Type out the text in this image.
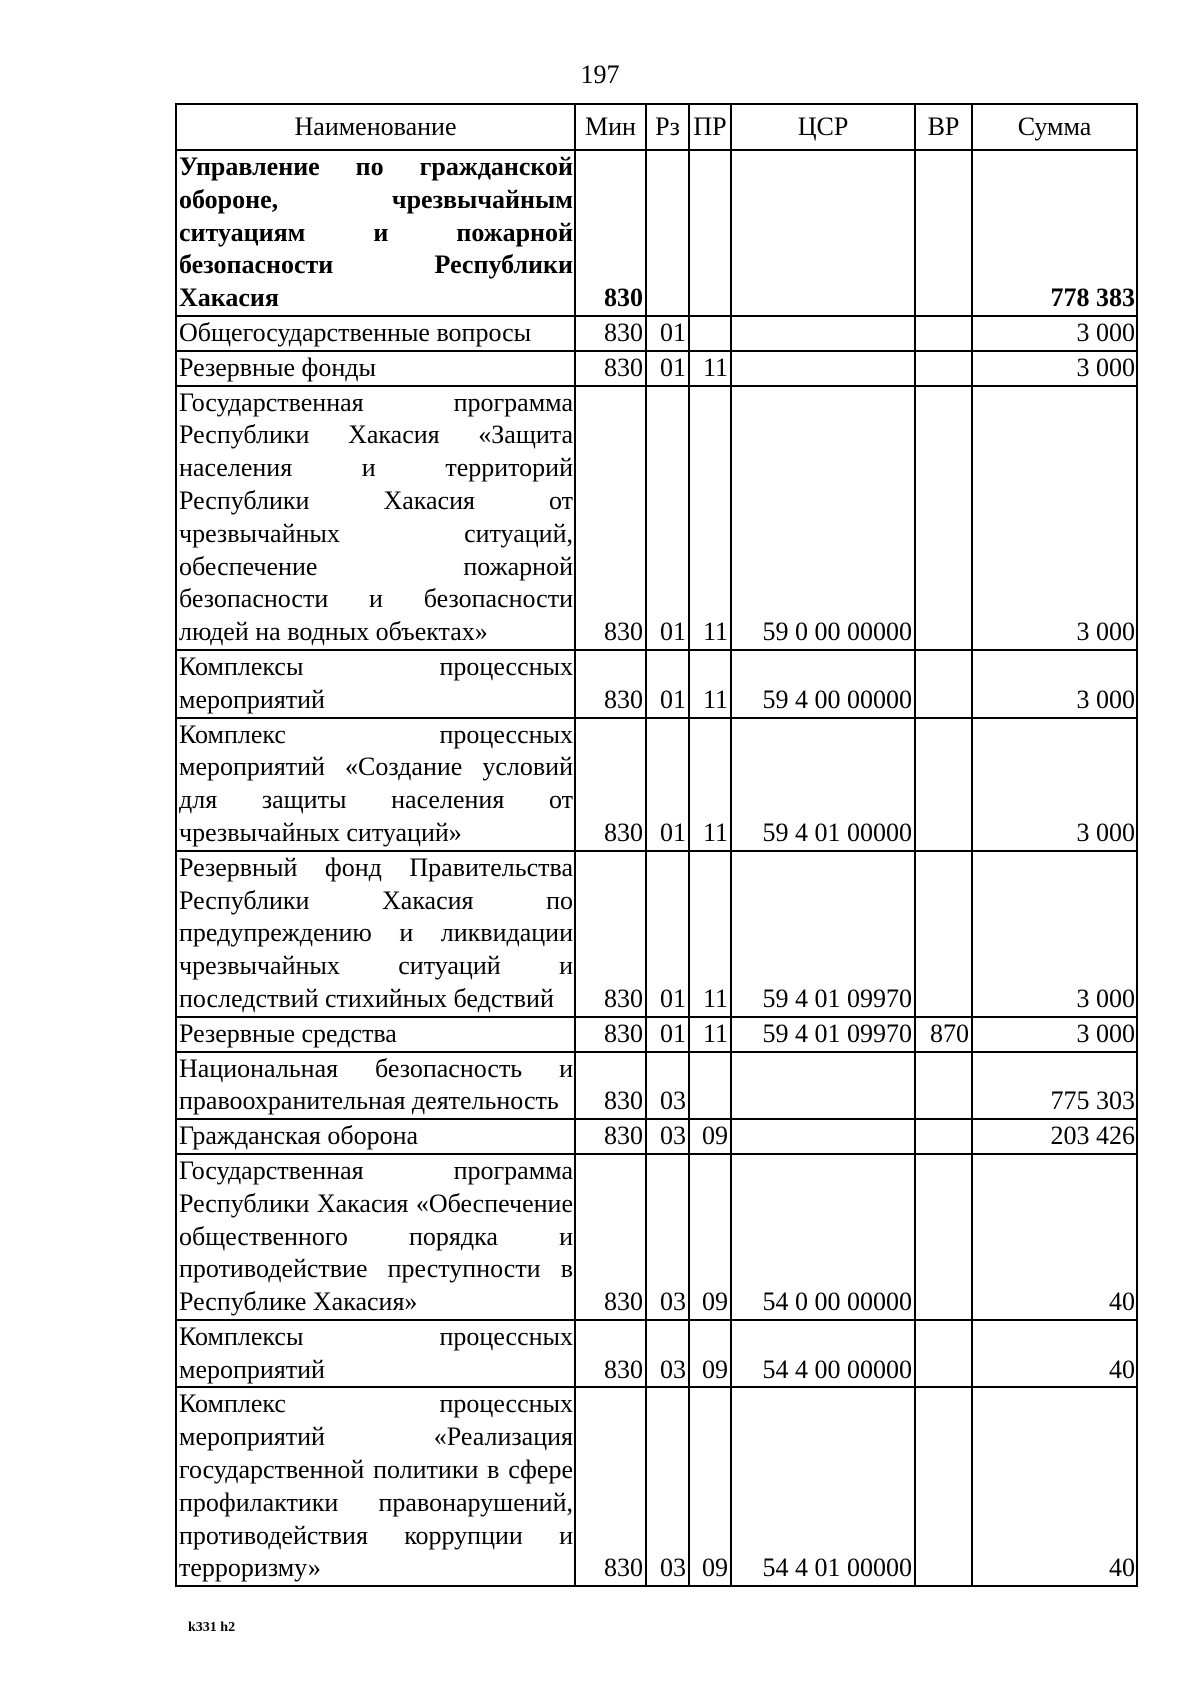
197
Наименование	Мин	Рз	ПР	ЦСР	ВР	Сумма
Управление по гражданской обороне, чрезвычайным ситуациям и пожарной безопасности Республики Хакасия	830					778 383
Общегосударственные вопросы	830	01				3 000
Резервные фонды	830	01	11			3 000
Государственная программа Республики Хакасия «Защита населения и территорий Республики Хакасия от чрезвычайных ситуаций, обеспечение пожарной безопасности и безопасности людей на водных объектах»	830	01	11	59 0 00 00000		3 000
Комплексы процессных мероприятий	830	01	11	59 4 00 00000		3 000
Комплекс процессных мероприятий «Создание условий для защиты населения от чрезвычайных ситуаций»	830	01	11	59 4 01 00000		3 000
Резервный фонд Правительства Республики Хакасия по предупреждению и ликвидации чрезвычайных ситуаций и последствий стихийных бедствий	830	01	11	59 4 01 09970		3 000
Резервные средства	830	01	11	59 4 01 09970	870	3 000
Национальная безопасность и правоохранительная деятельность	830	03				775 303
Гражданская оборона	830	03	09			203 426
Государственная программа Республики Хакасия «Обеспечение общественного порядка и противодействие преступности в Республике Хакасия»	830	03	09	54 0 00 00000		40
Комплексы процессных мероприятий	830	03	09	54 4 00 00000		40
Комплекс процессных мероприятий «Реализация государственной политики в сфере профилактики правонарушений, противодействия коррупции и терроризму»	830	03	09	54 4 01 00000		40
k331 h2
